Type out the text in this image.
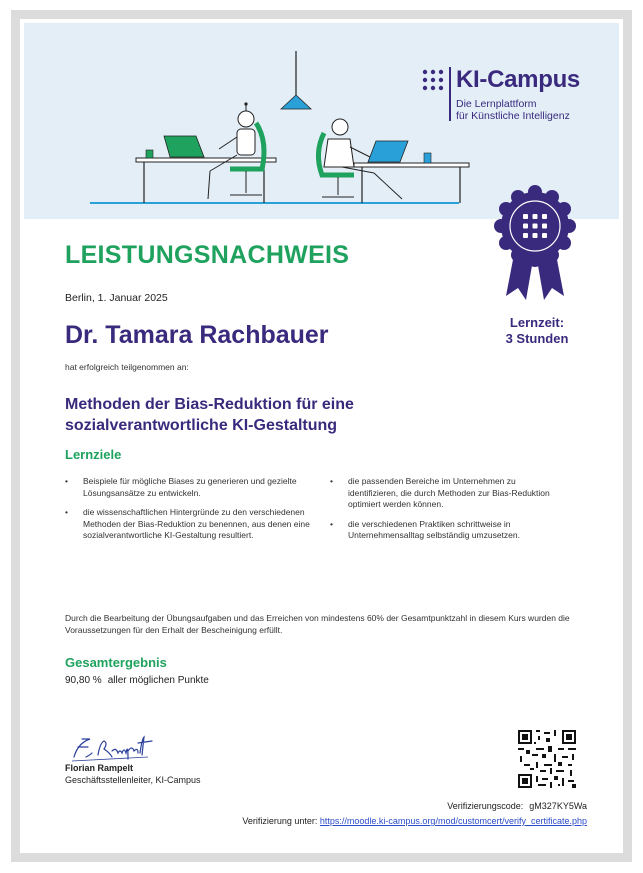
KI-Campus
Die Lernplattform
für Künstliche Intelligenz
LEISTUNGSNACHWEIS
Berlin, 1. Januar 2025
Lernzeit:
3 Stunden
Dr. Tamara Rachbauer
hat erfolgreich teilgenommen an:
Methoden der Bias-Reduktion für eine
sozialverantwortliche KI-Gestaltung
Lernziele
• Beispiele für mögliche Biases zu generieren und gezielte Lösungsansätze zu entwickeln.
• die wissenschaftlichen Hintergründe zu den verschiedenen Methoden der Bias-Reduktion zu benennen, aus denen eine sozialverantwortliche KI-Gestaltung resultiert.
• die passenden Bereiche im Unternehmen zu identifizieren, die durch Methoden zur Bias-Reduktion optimiert werden können.
• die verschiedenen Praktiken schrittweise in Unternehmensalltag selbständig umzusetzen.
Durch die Bearbeitung der Übungsaufgaben und das Erreichen von mindestens 60% der Gesamtpunktzahl in diesem Kurs wurden die Voraussetzungen für den Erhalt der Bescheinigung erfüllt.
Gesamtergebnis
90,80 % aller möglichen Punkte
Florian Rampelt
Geschäftsstellenleiter, KI-Campus
Verifizierungscode: gM327KY5Wa
Verifizierung unter: https://moodle.ki-campus.org/mod/customcert/verify_certificate.php
